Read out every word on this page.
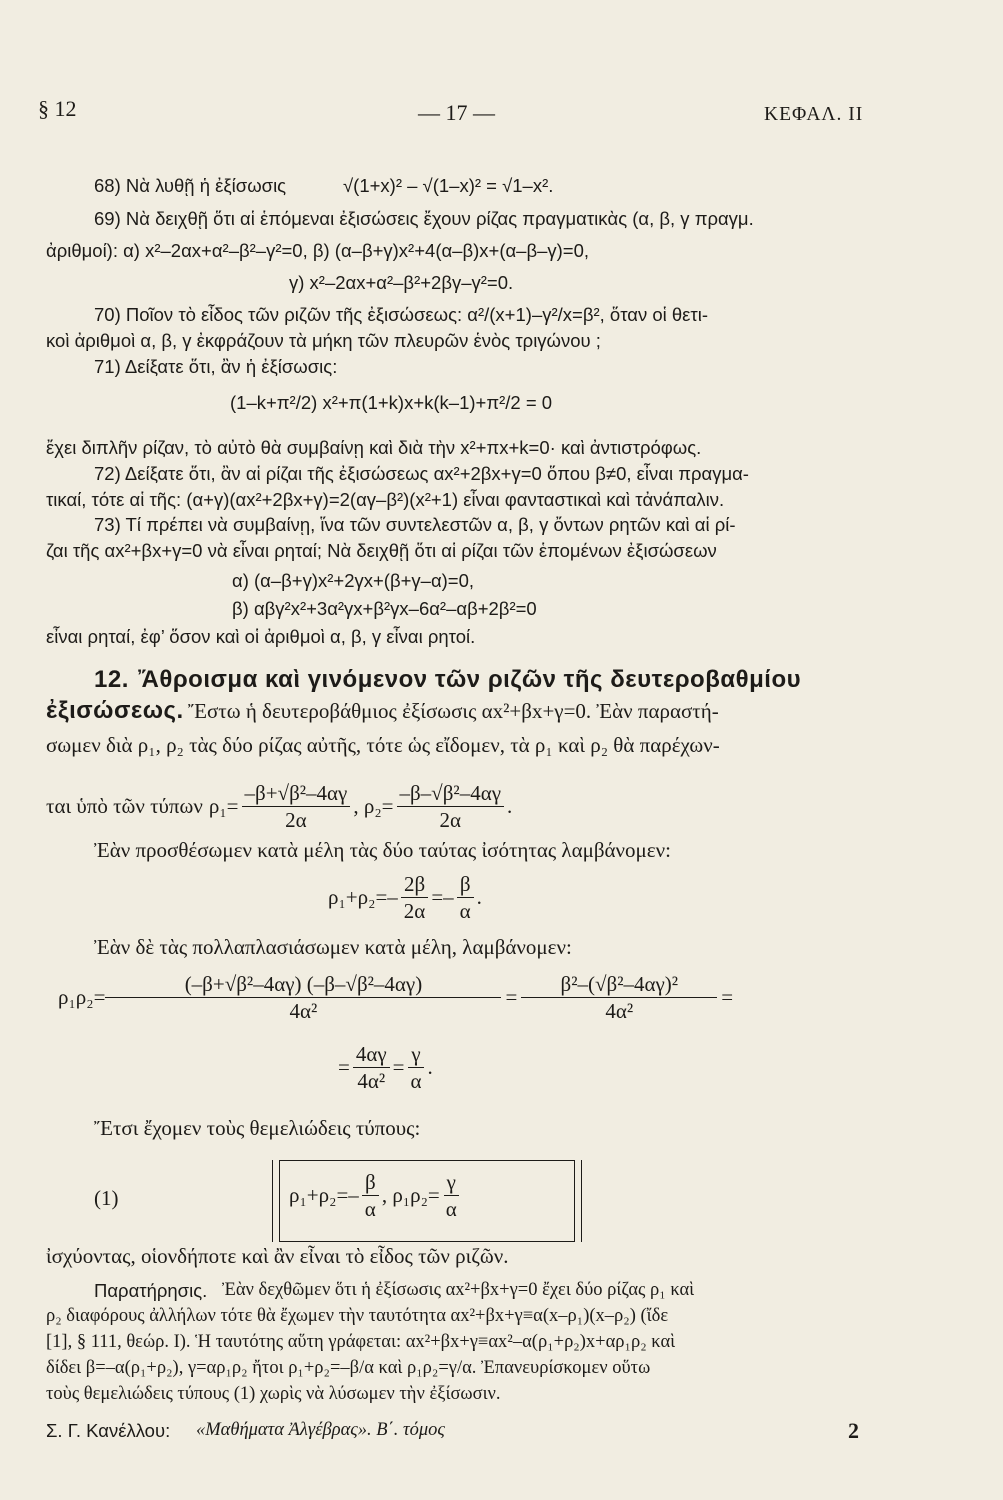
§ 12	— 17 —	ΚΕΦΑΛ. ΙΙ
68) Νὰ λυθῇ ἡ ἐξίσωσις	√(1+x)² – √(1–x)² = √1–x².
69) Νὰ δειχθῇ ὅτι αἱ ἑπόμεναι ἐξισώσεις ἔχουν ρίζας πραγματικὰς (α, β, γ πραγμ.
ἀριθμοί): α) x²–2αx+α²–β²–γ²=0, β) (α–β+γ)x²+4(α–β)x+(α–β–γ)=0,
γ) x²–2αx+α²–β²+2βγ–γ²=0.
70) Ποῖον τὸ εἶδος τῶν ριζῶν τῆς ἐξισώσεως: α²/(x+1)–γ²/x=β², ὅταν οἱ θετι-
κοὶ ἀριθμοὶ α, β, γ ἐκφράζουν τὰ μήκη τῶν πλευρῶν ἑνὸς τριγώνου ;
71) Δείξατε ὅτι, ἂν ἡ ἐξίσωσις:
(1–k+π²/2) x²+π(1+k)x+k(k–1)+π²/2 = 0
ἔχει διπλῆν ρίζαν, τὸ αὐτὸ θὰ συμβαίνῃ καὶ διὰ τὴν x²+πx+k=0· καὶ ἀντιστρόφως.
72) Δείξατε ὅτι, ἂν αἱ ρίζαι τῆς ἐξισώσεως αx²+2βx+γ=0 ὅπου β≠0, εἶναι πραγμα-
τικαί, τότε αἱ τῆς: (α+γ)(αx²+2βx+γ)=2(αγ–β²)(x²+1) εἶναι φανταστικαὶ καὶ τἀνάπαλιν.
73) Τί πρέπει νὰ συμβαίνῃ, ἵνα τῶν συντελεστῶν α, β, γ ὄντων ρητῶν καὶ αἱ ρί-
ζαι τῆς αx²+βx+γ=0 νὰ εἶναι ρηταί; Νὰ δειχθῇ ὅτι αἱ ρίζαι τῶν ἑπομένων ἐξισώσεων
α) (α–β+γ)x²+2γx+(β+γ–α)=0,
β) αβγ²x²+3α²γx+β²γx–6α²–αβ+2β²=0
εἶναι ρηταί, ἐφ’ ὅσον καὶ οἱ ἀριθμοὶ α, β, γ εἶναι ρητοί.
12. Ἄθροισμα καὶ γινόμενον τῶν ριζῶν τῆς δευτεροβαθμίου
ἐξισώσεως. Ἔστω ἡ δευτεροβάθμιος ἐξίσωσις αx²+βx+γ=0. Ἐὰν παραστή-
σωμεν διὰ ρ₁, ρ₂ τὰς δύο ρίζας αὐτῆς, τότε ὡς εἴδομεν, τὰ ρ₁ καὶ ρ₂ θὰ παρέχων-
ται ὑπὸ τῶν τύπων $\rho_1= \frac{\text{–β+√β²–4αγ}}{2\alpha}$ , $\rho_2= \frac{\text{–β–√β²–4αγ}}{2\alpha}$ .
Ἐὰν προσθέσωμεν κατὰ μέλη τὰς δύο ταύτας ἰσότητας λαμβάνομεν:
$\rho_1+\rho_2=- \frac{2\beta}{2\alpha} =- \frac{\beta}{\alpha}$ .
Ἐὰν δὲ τὰς πολλαπλασιάσωμεν κατὰ μέλη, λαμβάνομεν:
$\rho_1\rho_2= \frac{\text{(–β+√β²–4αγ) (–β–√β²–4αγ)}}{\text{4α²}} = \frac{\text{β²–(√β²–4αγ)²}}{\text{4α²}}$ =
= $\frac{4\alpha\gamma}{\text{4α²}} = \frac{\gamma}{\alpha}$ .
Ἔτσι ἔχομεν τοὺς θεμελιώδεις τύπους:
(1)	$\rho_1+\rho_2=- \frac{\beta}{\alpha}$ , $\rho_1\rho_2= \frac{\gamma}{\alpha}$
ἰσχύοντας, οἱονδήποτε καὶ ἂν εἶναι τὸ εἶδος τῶν ριζῶν.
Παρατήρησις. Ἐὰν δεχθῶμεν ὅτι ἡ ἐξίσωσις αx²+βx+γ=0 ἔχει δύο ρίζας ρ₁ καὶ
ρ₂ διαφόρους ἀλλήλων τότε θὰ ἔχωμεν τὴν ταυτότητα αx²+βx+γ≡α(x–ρ₁)(x–ρ₂) (ἴδε
[1], § 111, θεώρ. Ι). Ἡ ταυτότης αὕτη γράφεται: αx²+βx+γ≡αx²–α(ρ₁+ρ₂)x+αρ₁ρ₂ καὶ
δίδει β=–α(ρ₁+ρ₂), γ=αρ₁ρ₂ ἤτοι ρ₁+ρ₂=–β/α καὶ ρ₁ρ₂=γ/α. Ἐπανευρίσκομεν οὕτω
τοὺς θεμελιώδεις τύπους (1) χωρὶς νὰ λύσωμεν τὴν ἐξίσωσιν.
Σ. Γ. Κανέλλου: «Μαθήματα Ἀλγέβρας». Β΄. τόμος	2
